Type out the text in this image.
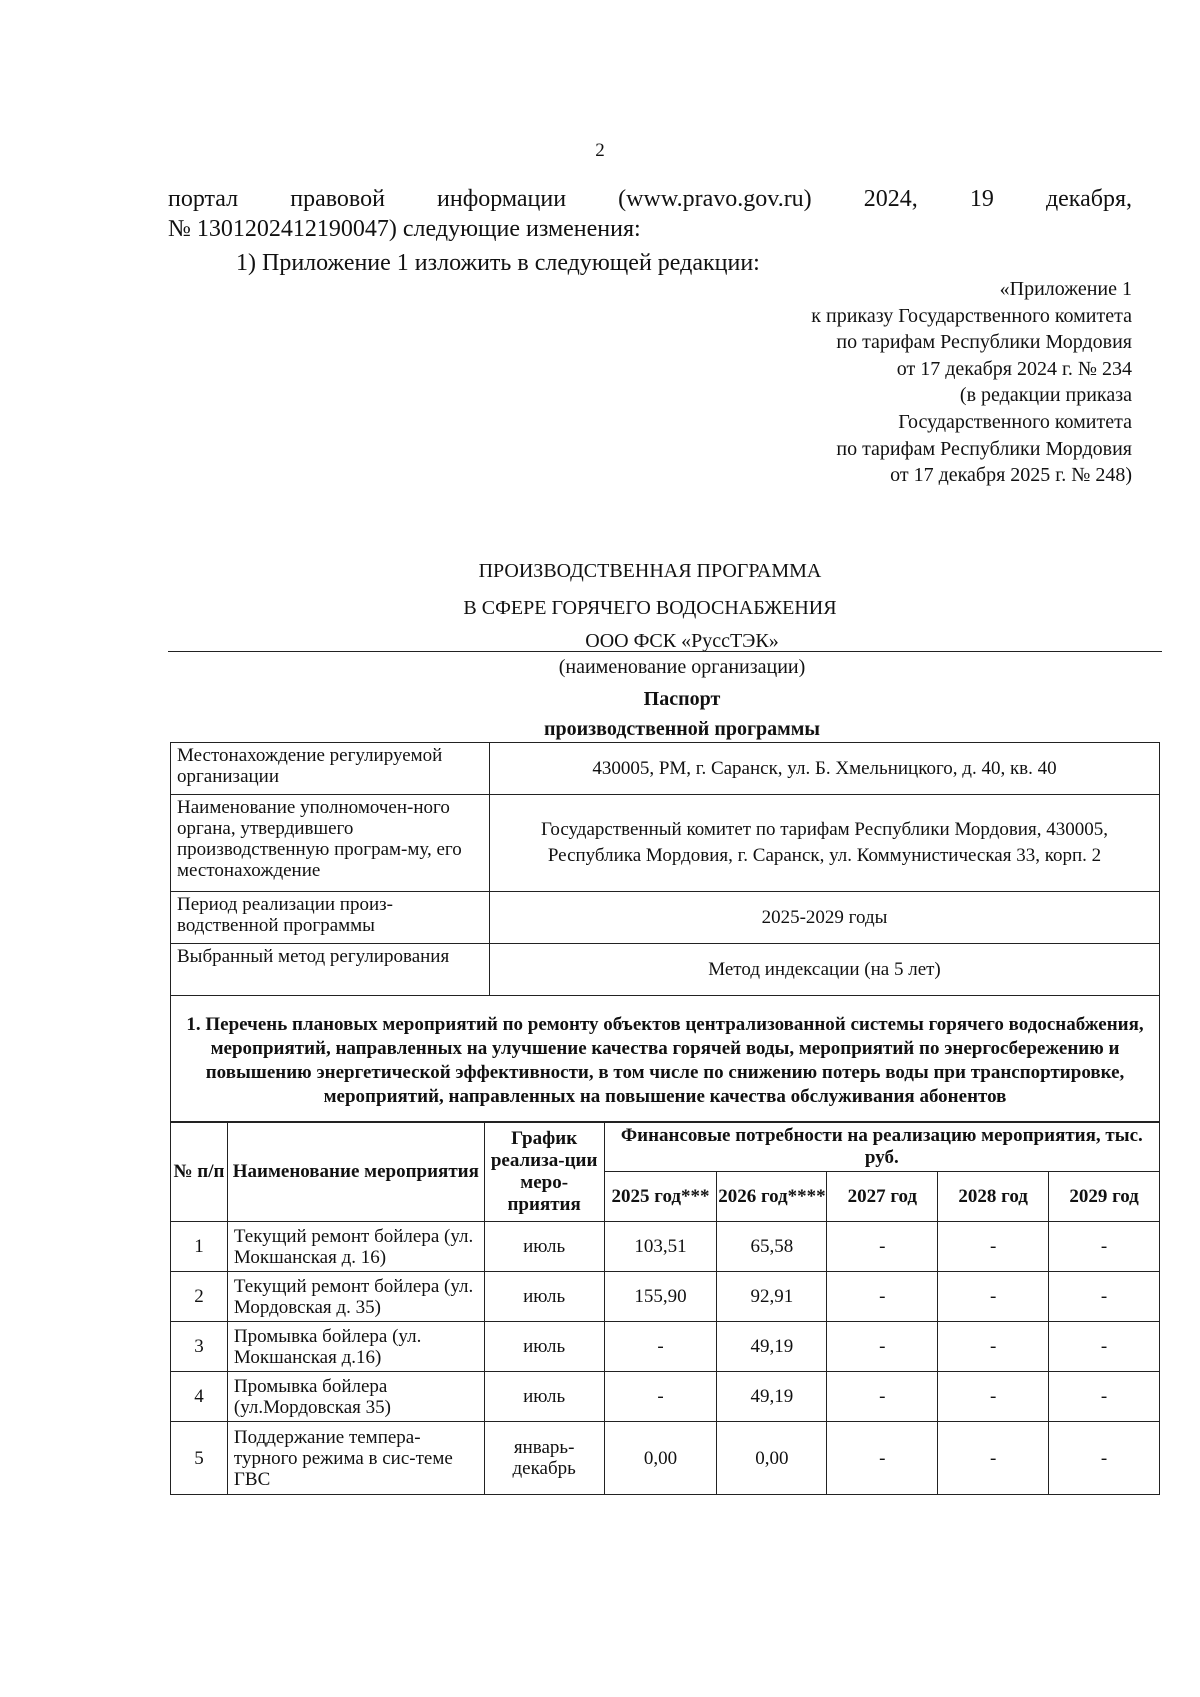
2
портал правовой информации (www.pravo.gov.ru) 2024, 19 декабря,
№ 1301202412190047) следующие изменения:
1) Приложение 1 изложить в следующей редакции:
«Приложение 1
к приказу Государственного комитета
по тарифам Республики Мордовия
от 17 декабря 2024 г. № 234
(в редакции приказа
Государственного комитета
по тарифам Республики Мордовия
от 17 декабря 2025 г. № 248)
ПРОИЗВОДСТВЕННАЯ ПРОГРАММА
В СФЕРЕ ГОРЯЧЕГО ВОДОСНАБЖЕНИЯ
ООО ФСК «РуссТЭК»
(наименование организации)
Паспорт
производственной программы
Местонахождение регулируемой организации	430005, РМ, г. Саранск, ул. Б. Хмельницкого, д. 40, кв. 40
Наименование уполномочен-ного органа, утвердившего производственную програм-му, его местонахождение	Государственный комитет по тарифам Республики Мордовия, 430005, Республика Мордовия, г. Саранск, ул. Коммунистическая 33, корп. 2
Период реализации произ-водственной программы	2025-2029 годы
Выбранный метод регулирования	Метод индексации (на 5 лет)
1. Перечень плановых мероприятий по ремонту объектов централизованной системы горячего водоснабжения, мероприятий, направленных на улучшение качества горячей воды, мероприятий по энергосбережению и повышению энергетической эффективности, в том числе по снижению потерь воды при транспортировке, мероприятий, направленных на повышение качества обслуживания абонентов	
№ п/п	Наименование мероприятия	График реализа-ции меро-приятия	Финансовые потребности на реализацию мероприятия, тыс. руб.				
			2025 год***	2026 год****	2027 год	2028 год	2029 год
1	Текущий ремонт бойлера (ул. Мокшанская д. 16)	июль	103,51	65,58	-	-	-
2	Текущий ремонт бойлера (ул. Мордовская д. 35)	июль	155,90	92,91	-	-	-
3	Промывка бойлера (ул. Мокшанская д.16)	июль	-	49,19	-	-	-
4	Промывка бойлера (ул.Мордовская 35)	июль	-	49,19	-	-	-
5	Поддержание темпера-турного режима в сис-теме ГВС	январь-декабрь	0,00	0,00	-	-	-
